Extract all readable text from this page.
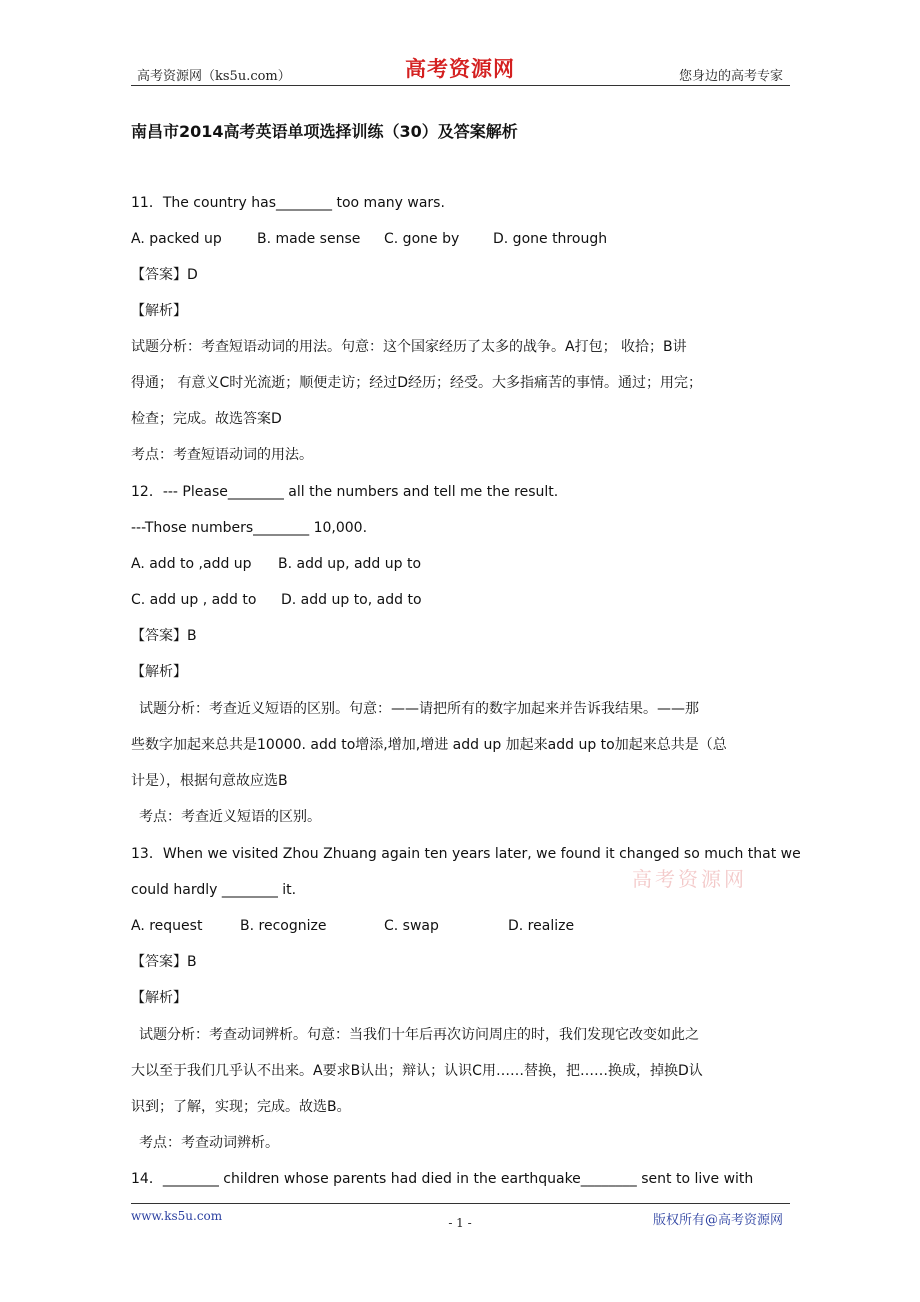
高考资源网（ks5u.com）	高考资源网	您身边的高考专家
南昌市2014高考英语单项选择训练（30）及答案解析
11．The country has________ too many wars.
A. packed up	B. made sense C. gone by D. gone through
【答案】D
【解析】
试题分析：考查短语动词的用法。句意：这个国家经历了太多的战争。A打包； 收拾；B讲
得通； 有意义C时光流逝；顺便走访；经过D经历；经受。大多指痛苦的事情。通过；用完；
检查；完成。故选答案D
考点：考查短语动词的用法。
12．--- Please________ all the numbers and tell me the result.
---Those numbers________ 10,000.
A. add to ,add up B. add up, add up to
C. add up , add to D. add up to, add to
【答案】B
【解析】
试题分析：考查近义短语的区别。句意：——请把所有的数字加起来并告诉我结果。——那
些数字加起来总共是10000. add to增添,增加,增进 add up 加起来add up to加起来总共是（总
计是），根据句意故应选B
考点：考查近义短语的区别。
13．When we visited Zhou Zhuang again ten years later, we found it changed so much that we
could hardly ________ it.	高考资源网
A. request	B. recognize	C. swap	D. realize
【答案】B
【解析】
试题分析：考查动词辨析。句意：当我们十年后再次访问周庄的时，我们发现它改变如此之
大以至于我们几乎认不出来。A要求B认出；辩认；认识C用……替换，把……换成，掉换D认
识到；了解，实现；完成。故选B。
考点：考查动词辨析。
14．________ children whose parents had died in the earthquake________ sent to live with
www.ks5u.com	- 1 -	版权所有@高考资源网
